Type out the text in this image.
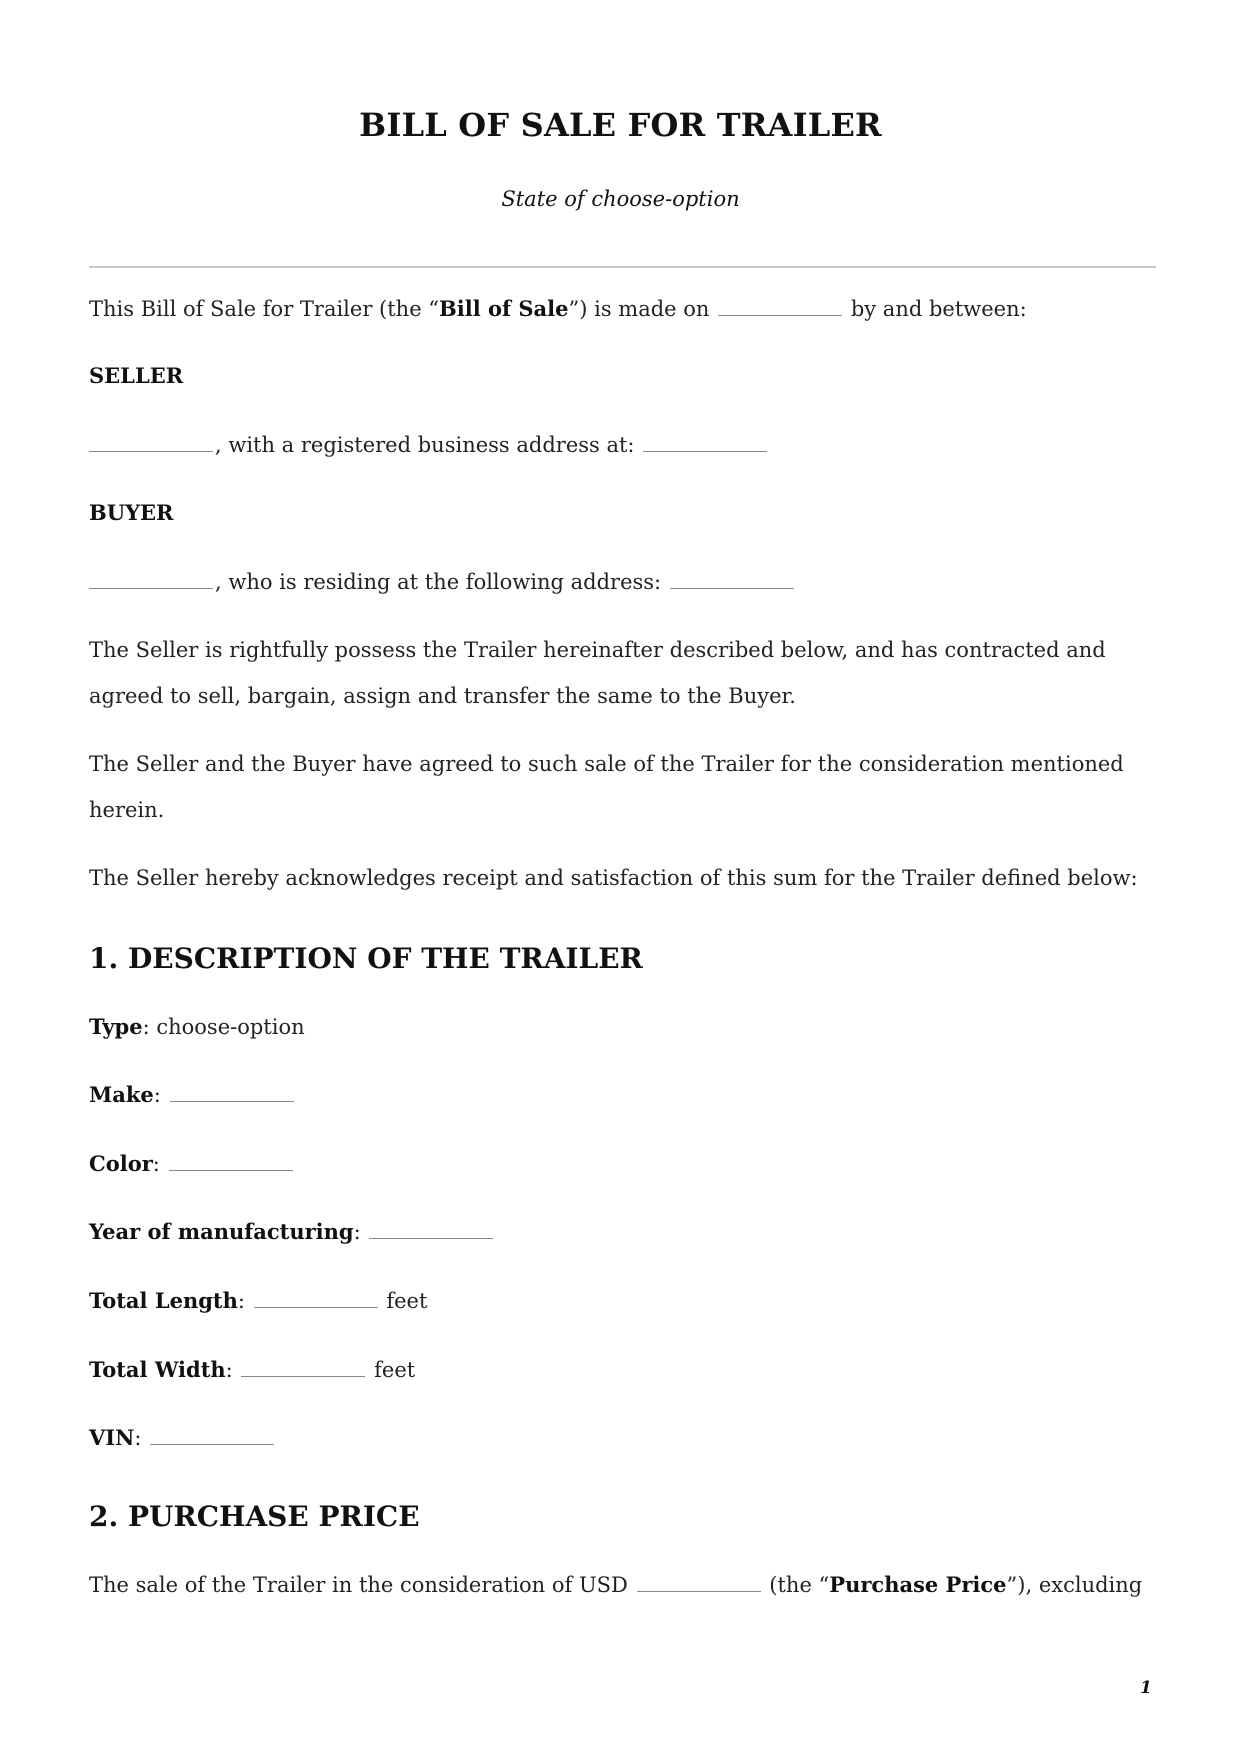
BILL OF SALE FOR TRAILER
State of choose-option
This Bill of Sale for Trailer (the “Bill of Sale”) is made on	by and between:
SELLER
, with a registered business address at:
BUYER
, who is residing at the following address:
The Seller is rightfully possess the Trailer hereinafter described below, and has contracted and
agreed to sell, bargain, assign and transfer the same to the Buyer.
The Seller and the Buyer have agreed to such sale of the Trailer for the consideration mentioned
herein.
The Seller hereby acknowledges receipt and satisfaction of this sum for the Trailer defined below:
1. DESCRIPTION OF THE TRAILER
Type: choose-option
Make:
Color:
Year of manufacturing:
Total Length:	feet
Total Width:	feet
VIN:
2. PURCHASE PRICE
The sale of the Trailer in the consideration of USD	(the “Purchase Price”), excluding
1
